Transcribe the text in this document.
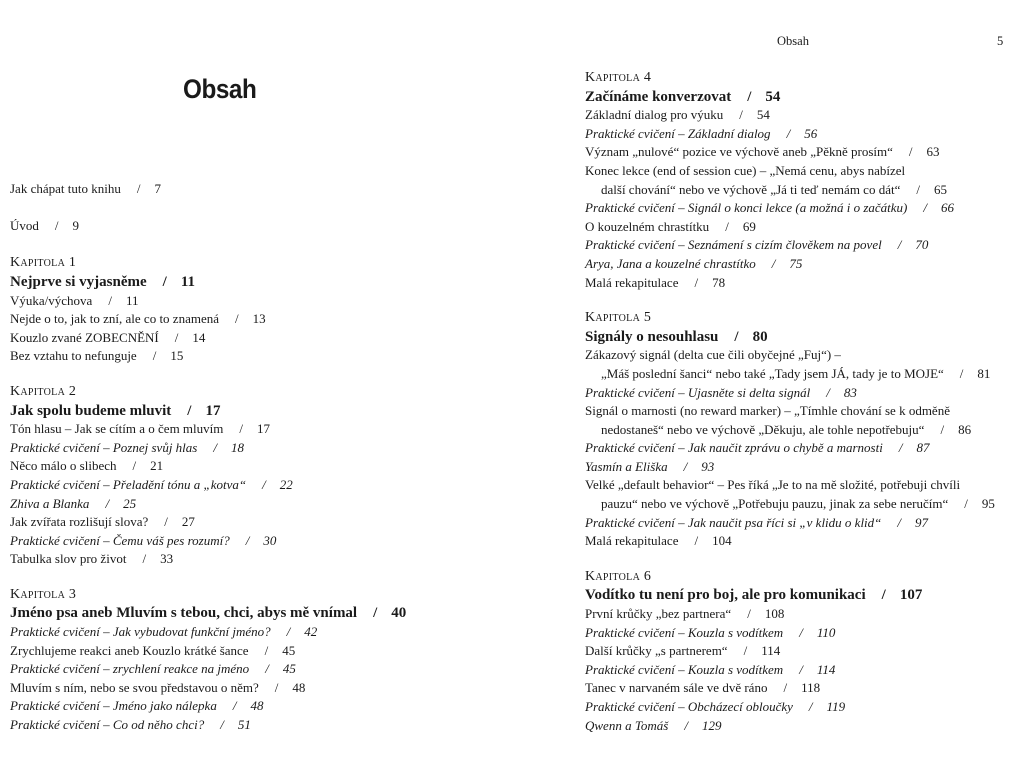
Obsah	5
Obsah
Jak chápat tuto knihu / 7
Úvod / 9
Kapitola 1
Nejprve si vyjasněme / 11
Výuka/výchova / 11
Nejde o to, jak to zní, ale co to znamená / 13
Kouzlo zvané ZOBECNĚNÍ / 14
Bez vztahu to nefunguje / 15
Kapitola 2
Jak spolu budeme mluvit / 17
Tón hlasu – Jak se cítím a o čem mluvím / 17
Praktické cvičení – Poznej svůj hlas / 18
Něco málo o slibech / 21
Praktické cvičení – Přeladění tónu a „kotva“ / 22
Zhiva a Blanka / 25
Jak zvířata rozlišují slova? / 27
Praktické cvičení – Čemu váš pes rozumí? / 30
Tabulka slov pro život / 33
Kapitola 3
Jméno psa aneb Mluvím s tebou, chci, abys mě vnímal / 40
Praktické cvičení – Jak vybudovat funkční jméno? / 42
Zrychlujeme reakci aneb Kouzlo krátké šance / 45
Praktické cvičení – zrychlení reakce na jméno / 45
Mluvím s ním, nebo se svou představou o něm? / 48
Praktické cvičení – Jméno jako nálepka / 48
Praktické cvičení – Co od něho chci? / 51
Kapitola 4
Začínáme konverzovat / 54
Základní dialog pro výuku / 54
Praktické cvičení – Základní dialog / 56
Význam „nulové“ pozice ve výchově aneb „Pěkně prosím“ / 63
Konec lekce (end of session cue) – „Nemá cenu, abys nabízel
další chování“ nebo ve výchově „Já ti teď nemám co dát“ / 65
Praktické cvičení – Signál o konci lekce (a možná i o začátku) / 66
O kouzelném chrastítku / 69
Praktické cvičení – Seznámení s cizím člověkem na povel / 70
Arya, Jana a kouzelné chrastítko / 75
Malá rekapitulace / 78
Kapitola 5
Signály o nesouhlasu / 80
Zákazový signál (delta cue čili obyčejné „Fuj“) –
„Máš poslední šanci“ nebo také „Tady jsem JÁ, tady je to MOJE“ / 81
Praktické cvičení – Ujasněte si delta signál / 83
Signál o marnosti (no reward marker) – „Tímhle chování se k odměně
nedostaneš“ nebo ve výchově „Děkuju, ale tohle nepotřebuju“ / 86
Praktické cvičení – Jak naučit zprávu o chybě a marnosti / 87
Yasmín a Eliška / 93
Velké „default behavior“ – Pes říká „Je to na mě složité, potřebuji chvíli
pauzu“ nebo ve výchově „Potřebuju pauzu, jinak za sebe neručím“ / 95
Praktické cvičení – Jak naučit psa říci si „v klidu o klid“ / 97
Malá rekapitulace / 104
Kapitola 6
Vodítko tu není pro boj, ale pro komunikaci / 107
První krůčky „bez partnera“ / 108
Praktické cvičení – Kouzla s vodítkem / 110
Další krůčky „s partnerem“ / 114
Praktické cvičení – Kouzla s vodítkem / 114
Tanec v narvaném sále ve dvě ráno / 118
Praktické cvičení – Obcházecí obloučky / 119
Qwenn a Tomáš / 129
